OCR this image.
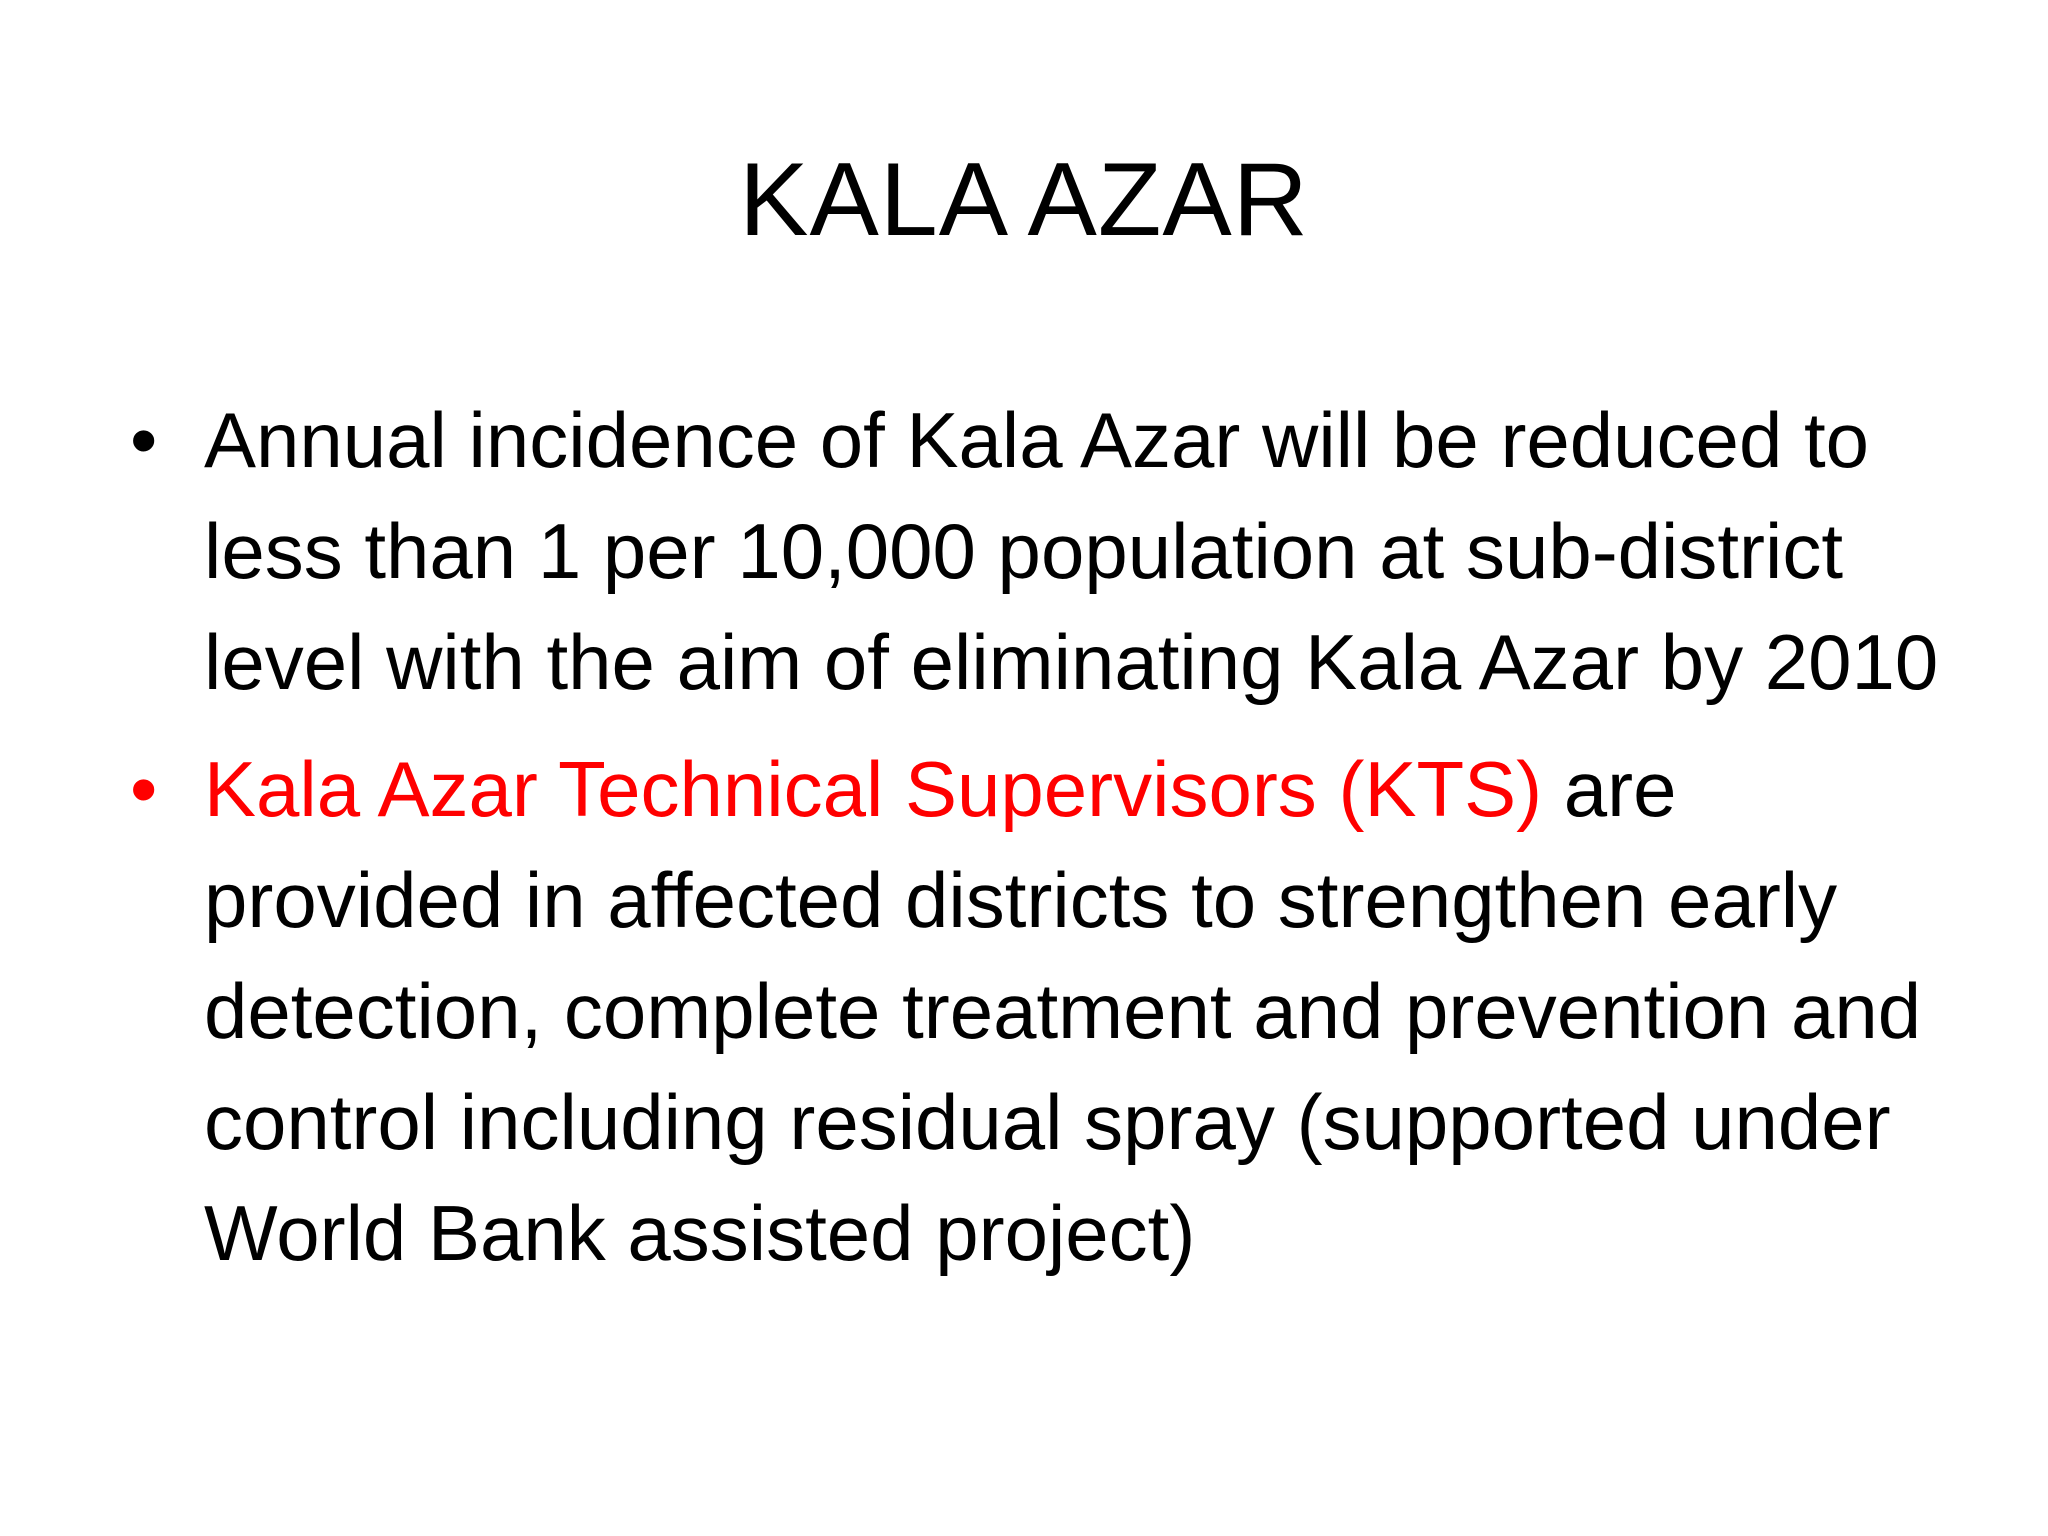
KALA AZAR
• Annual incidence of Kala Azar will be reduced to less than 1 per 10,000 population at sub-district level with the aim of eliminating Kala Azar by 2010
• Kala Azar Technical Supervisors (KTS) are provided in affected districts to strengthen early detection, complete treatment and prevention and control including residual spray (supported under World Bank assisted project)
